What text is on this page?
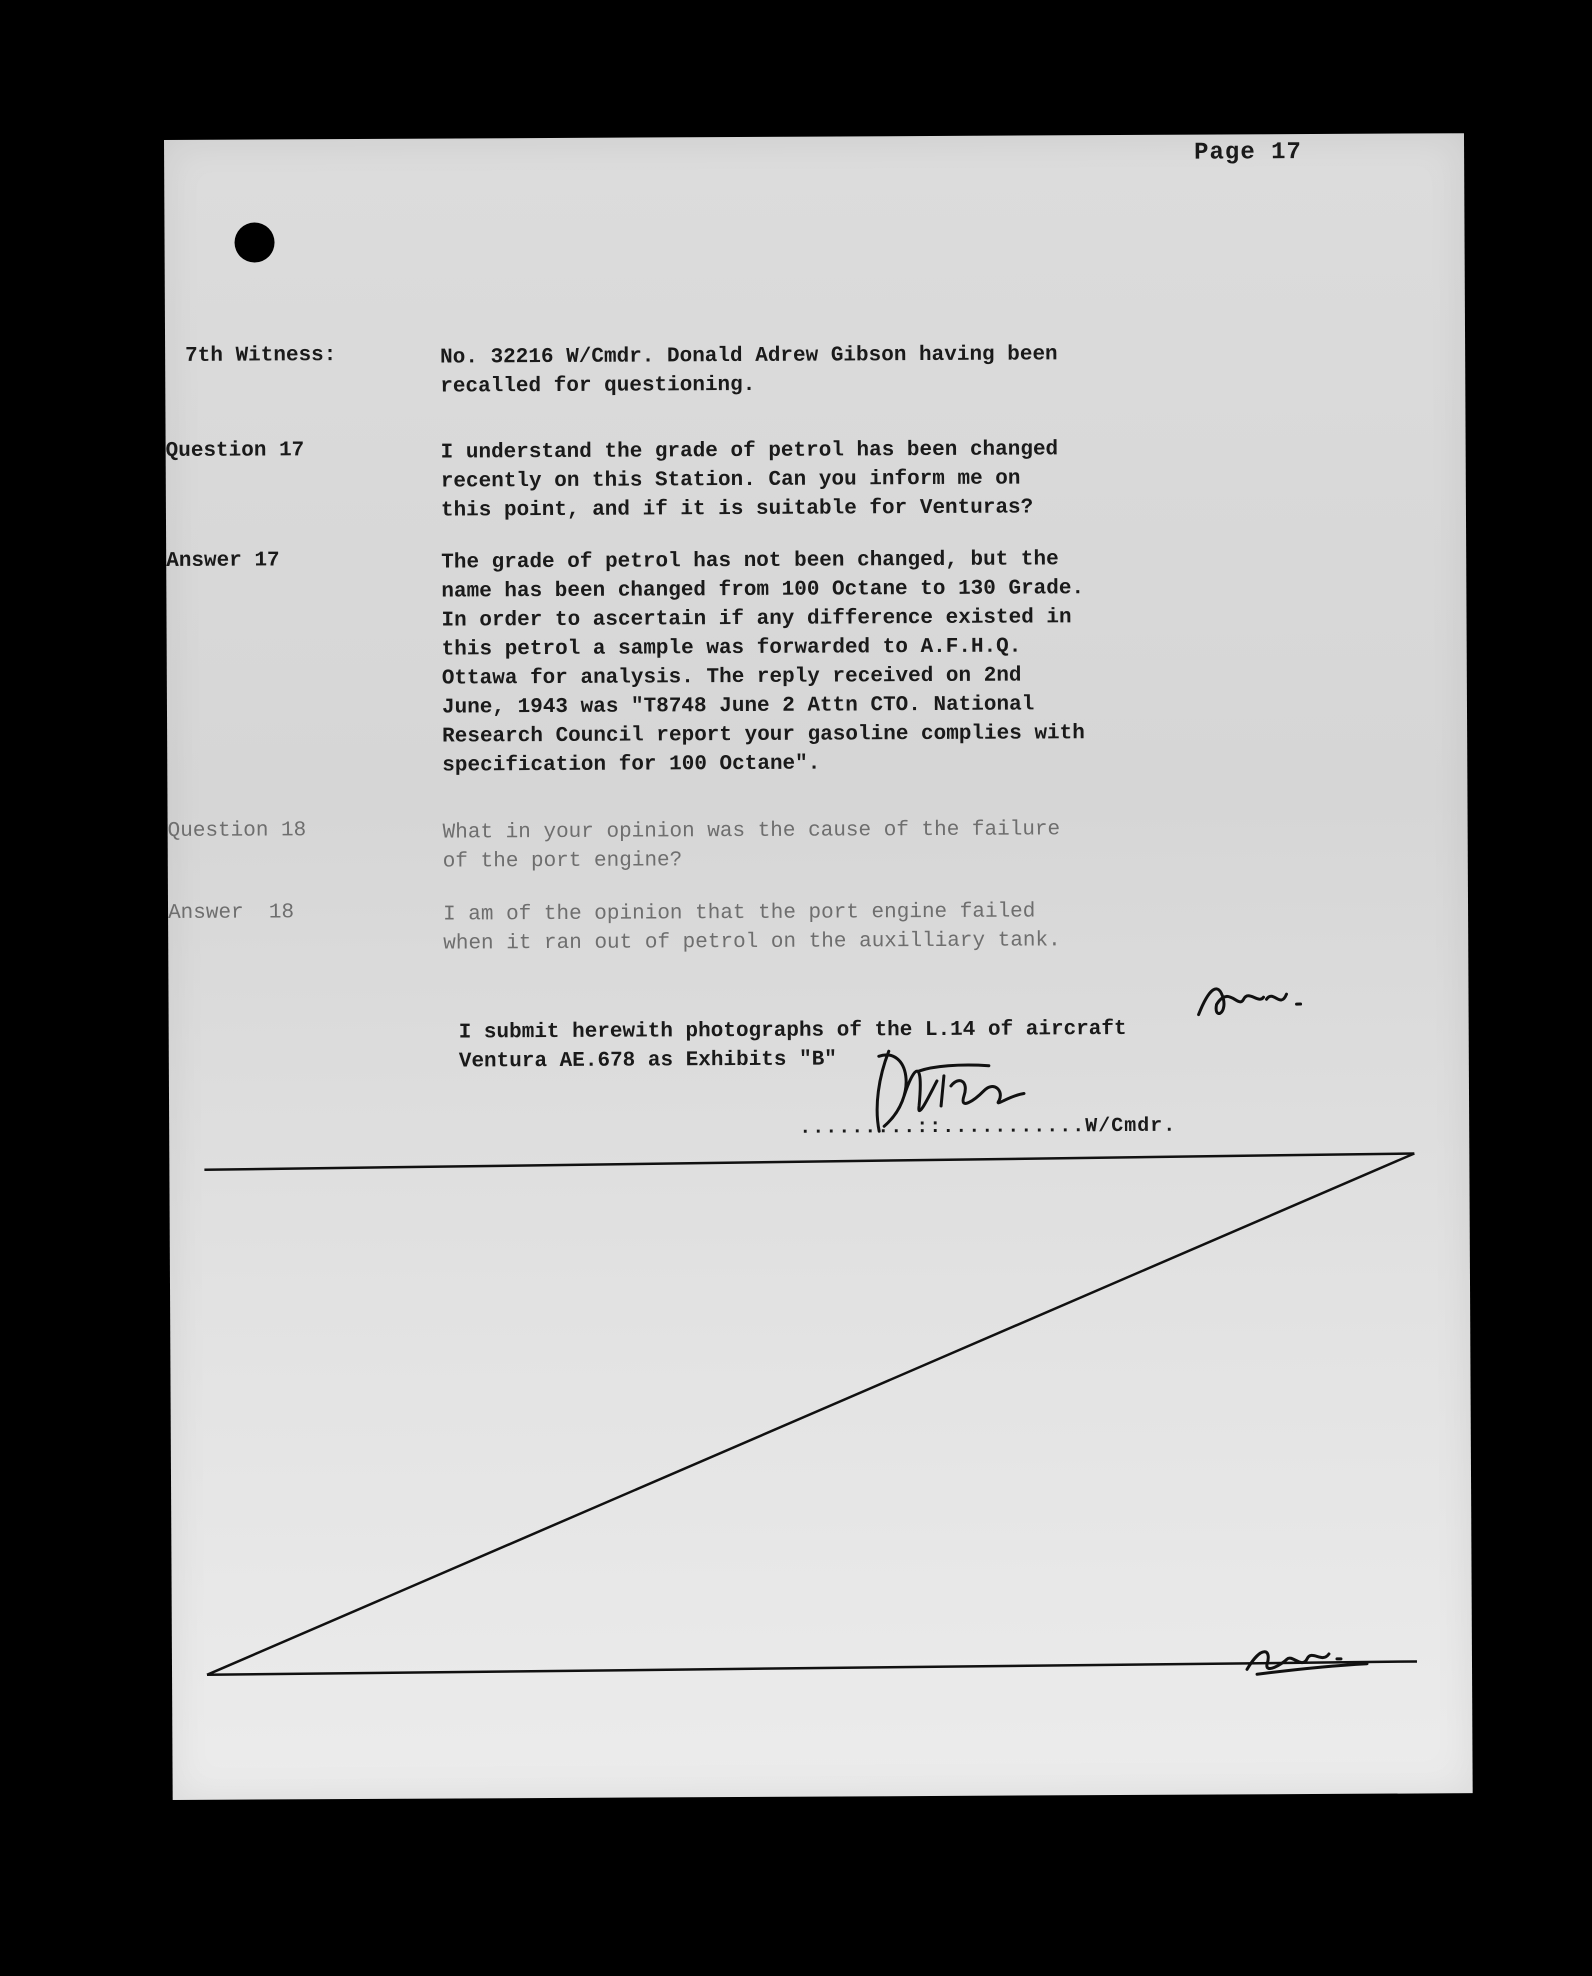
Page 17
7th Witness:	No. 32216 W/Cmdr. Donald Adrew Gibson having been
recalled for questioning.
Question 17	I understand the grade of petrol has been changed
recently on this Station. Can you inform me on
this point, and if it is suitable for Venturas?
Answer 17	The grade of petrol has not been changed, but the
name has been changed from 100 Octane to 130 Grade.
In order to ascertain if any difference existed in
this petrol a sample was forwarded to A.F.H.Q.
Ottawa for analysis. The reply received on 2nd
June, 1943 was "T8748 June 2 Attn CTO. National
Research Council report your gasoline complies with
specification for 100 Octane".
Question 18	What in your opinion was the cause of the failure
of the port engine?
Answer  18	I am of the opinion that the port engine failed
when it ran out of petrol on the auxilliary tank.
I submit herewith photographs of the L.14 of aircraft
Ventura AE.678 as Exhibits "B"
.........::...........W/Cmdr.
